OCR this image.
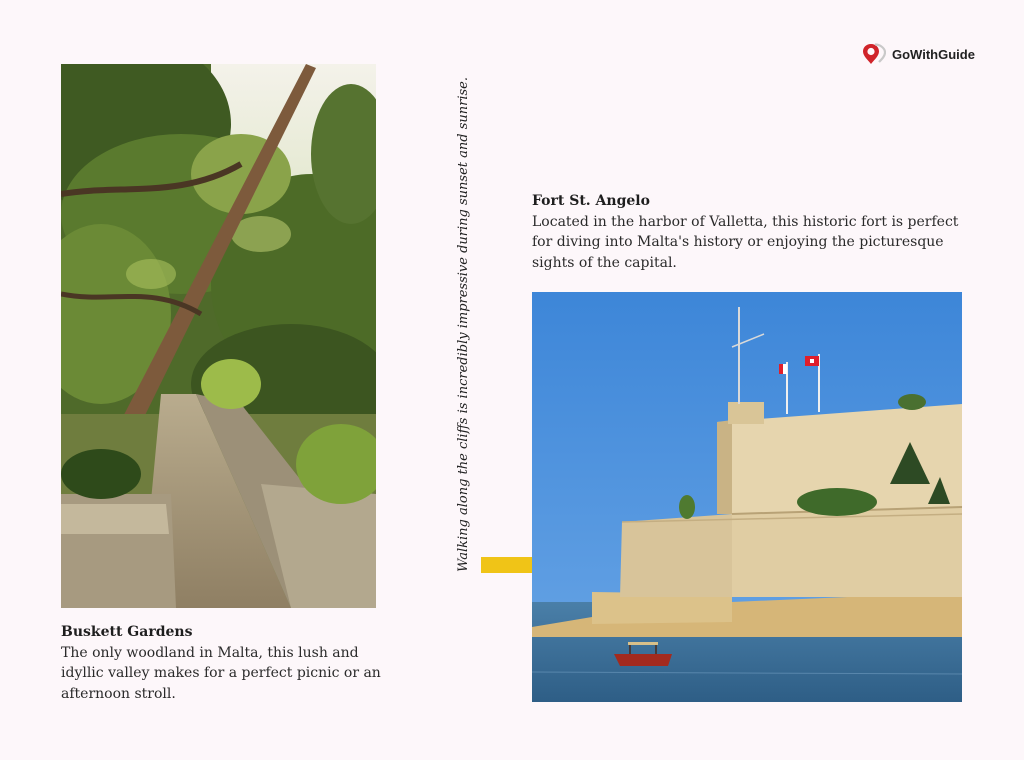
GoWithGuide
Buskett Gardens
The only woodland in Malta, this lush and idyllic valley makes for a perfect picnic or an afternoon stroll.
Walking along the cliffs is incredibly impressive during sunset and sunrise.	Fort St. Angelo
Located in the harbor of Valletta, this historic fort is perfect for diving into Malta's history or enjoying the picturesque sights of the capital.
